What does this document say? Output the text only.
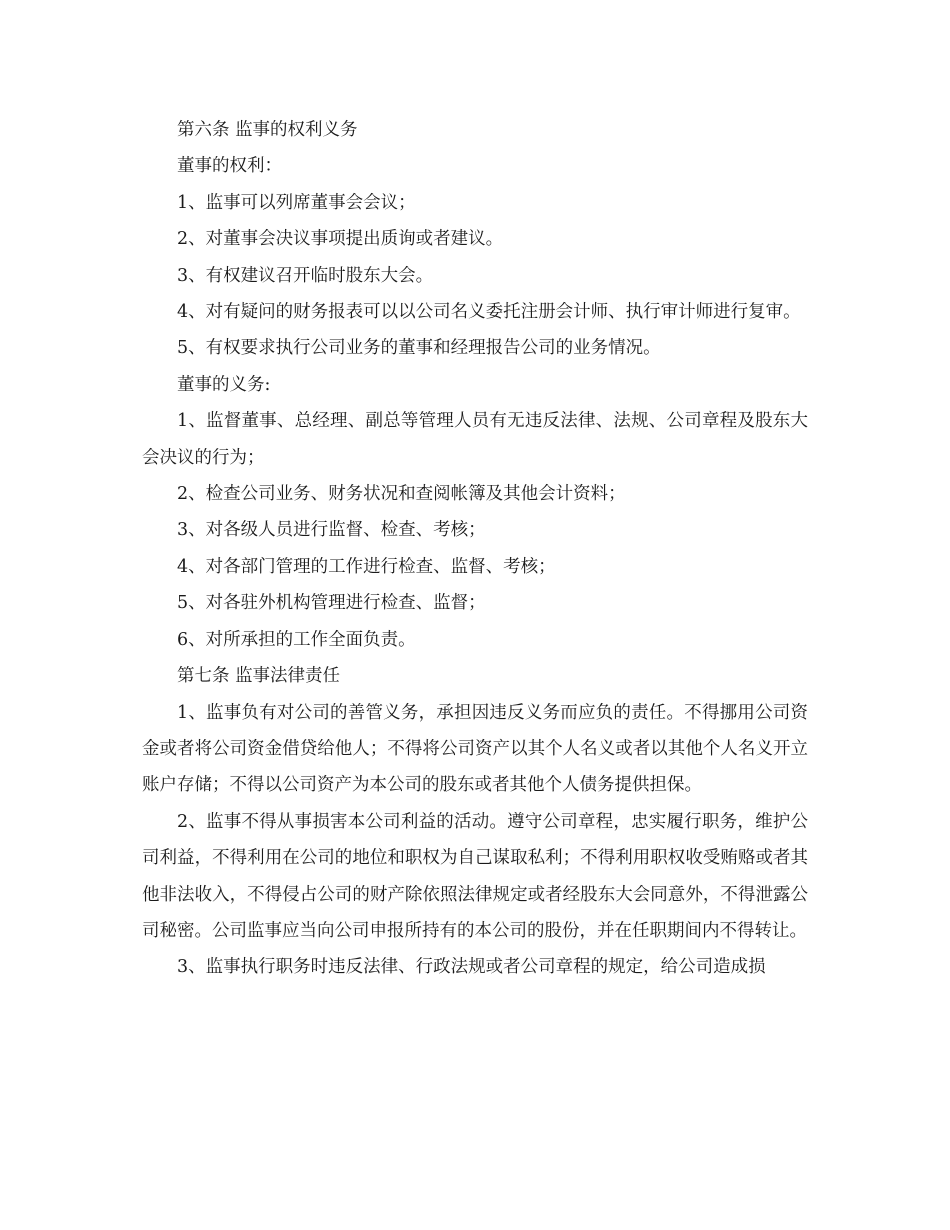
第六条 监事的权利义务

董事的权利：

1、监事可以列席董事会会议；

2、对董事会决议事项提出质询或者建议。

3、有权建议召开临时股东大会。

4、对有疑问的财务报表可以以公司名义委托注册会计师、执行审计师进行复审。

5、有权要求执行公司业务的董事和经理报告公司的业务情况。

董事的义务:

1、监督董事、总经理、副总等管理人员有无违反法律、法规、公司章程及股东大会决议的行为；

2、检查公司业务、财务状况和查阅帐簿及其他会计资料；

3、对各级人员进行监督、检查、考核；

4、对各部门管理的工作进行检查、监督、考核；

5、对各驻外机构管理进行检查、监督；

6、对所承担的工作全面负责。

第七条 监事法律责任

1、监事负有对公司的善管义务，承担因违反义务而应负的责任。不得挪用公司资金或者将公司资金借贷给他人；不得将公司资产以其个人名义或者以其他个人名义开立账户存储；不得以公司资产为本公司的股东或者其他个人债务提供担保。

2、监事不得从事损害本公司利益的活动。遵守公司章程，忠实履行职务，维护公司利益，不得利用在公司的地位和职权为自己谋取私利；不得利用职权收受贿赂或者其他非法收入，不得侵占公司的财产除依照法律规定或者经股东大会同意外，不得泄露公司秘密。公司监事应当向公司申报所持有的本公司的股份，并在任职期间内不得转让。

3、监事执行职务时违反法律、行政法规或者公司章程的规定，给公司造成损
